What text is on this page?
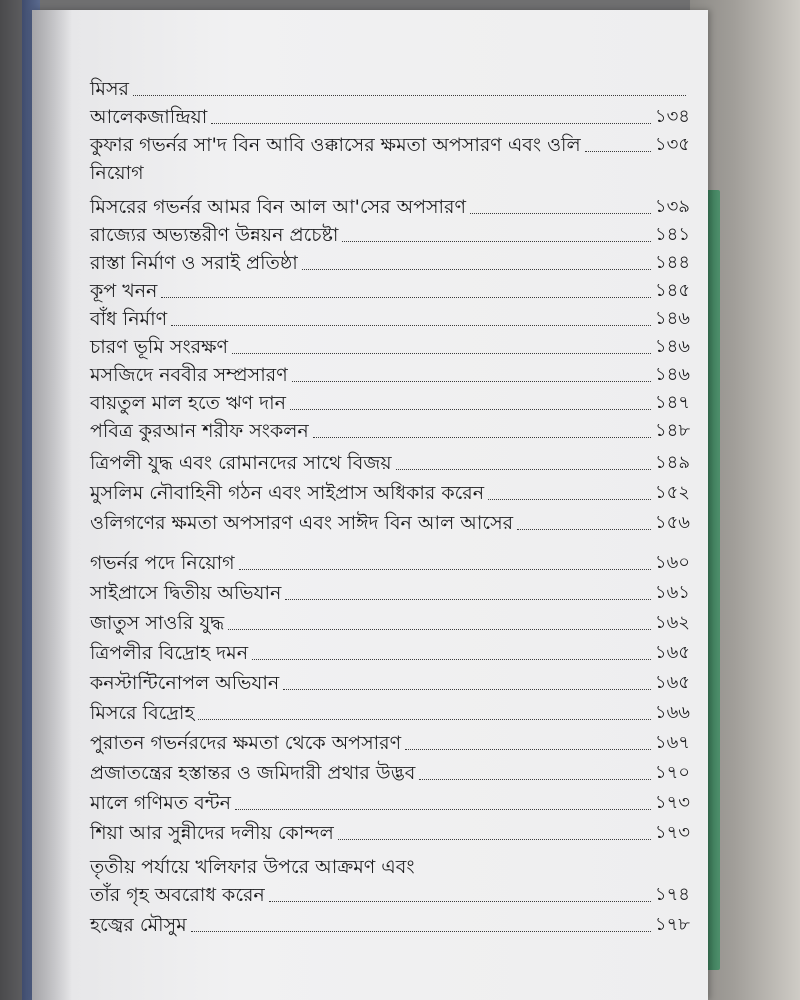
মিসর
আলেকজান্দ্রিয়া	১৩৪
কুফার গভর্নর সা'দ বিন আবি ওক্কাসের ক্ষমতা অপসারণ এবং ওলি	১৩৫
নিয়োগ
মিসরের গভর্নর আমর বিন আল আ'সের অপসারণ	১৩৯
রাজ্যের অভ্যন্তরীণ উন্নয়ন প্রচেষ্টা	১৪১
রাস্তা নির্মাণ ও সরাই প্রতিষ্ঠা	১৪৪
কূপ খনন	১৪৫
বাঁধ নির্মাণ	১৪৬
চারণ ভূমি সংরক্ষণ	১৪৬
মসজিদে নববীর সম্প্রসারণ	১৪৬
বায়তুল মাল হতে ঋণ দান	১৪৭
পবিত্র কুরআন শরীফ সংকলন	১৪৮
ত্রিপলী যুদ্ধ এবং রোমানদের সাথে বিজয়	১৪৯
মুসলিম নৌবাহিনী গঠন এবং সাইপ্রাস অধিকার করেন	১৫২
ওলিগণের ক্ষমতা অপসারণ এবং সাঈদ বিন আল আসের	১৫৬
গভর্নর পদে নিয়োগ	১৬০
সাইপ্রাসে দ্বিতীয় অভিযান	১৬১
জাতুস সাওরি যুদ্ধ	১৬২
ত্রিপলীর বিদ্রোহ দমন	১৬৫
কনস্টান্টিনোপল অভিযান	১৬৫
মিসরে বিদ্রোহ	১৬৬
পুরাতন গভর্নরদের ক্ষমতা থেকে অপসারণ	১৬৭
প্রজাতন্ত্রের হস্তান্তর ও জমিদারী প্রথার উদ্ভব	১৭০
মালে গণিমত বন্টন	১৭৩
শিয়া আর সুন্নীদের দলীয় কোন্দল	১৭৩
তৃতীয় পর্যায়ে খলিফার উপরে আক্রমণ এবং
তাঁর গৃহ অবরোধ করেন	১৭৪
হজ্বের মৌসুম	১৭৮
